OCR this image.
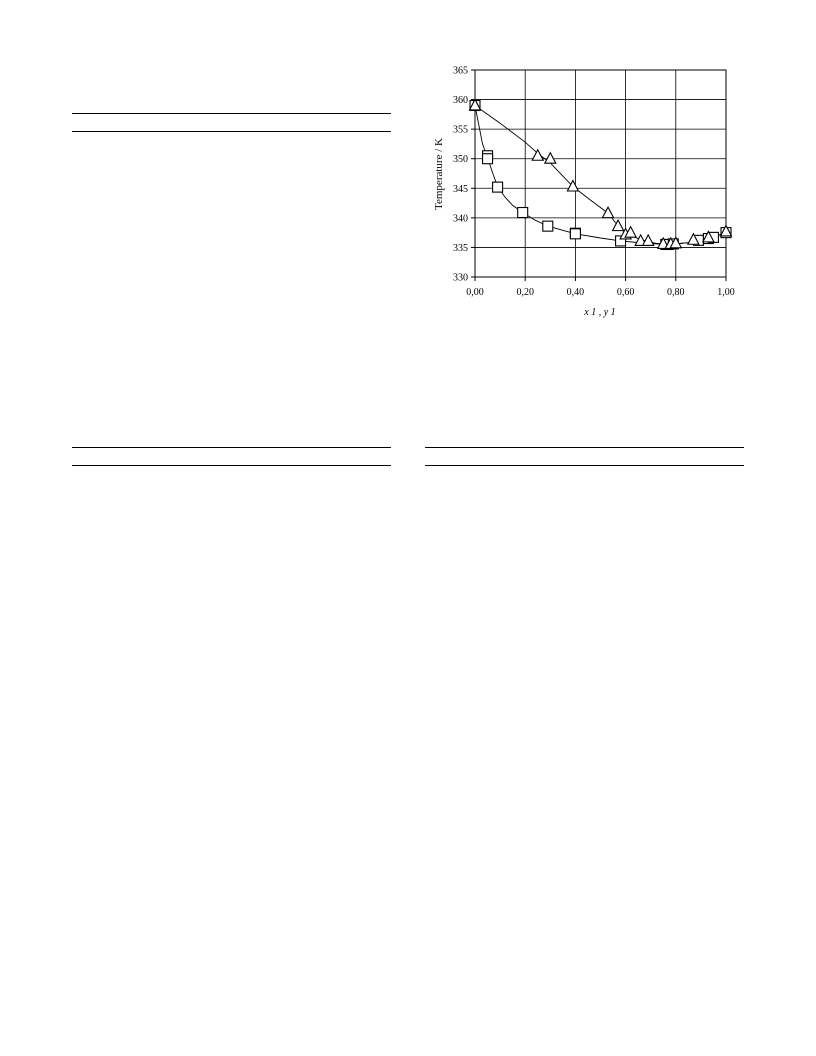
330
335
340
345
350
355
360
365
0,00	0,20	0,40	0,60	0,80	1,00
Temperature / K
x 1 , y 1
